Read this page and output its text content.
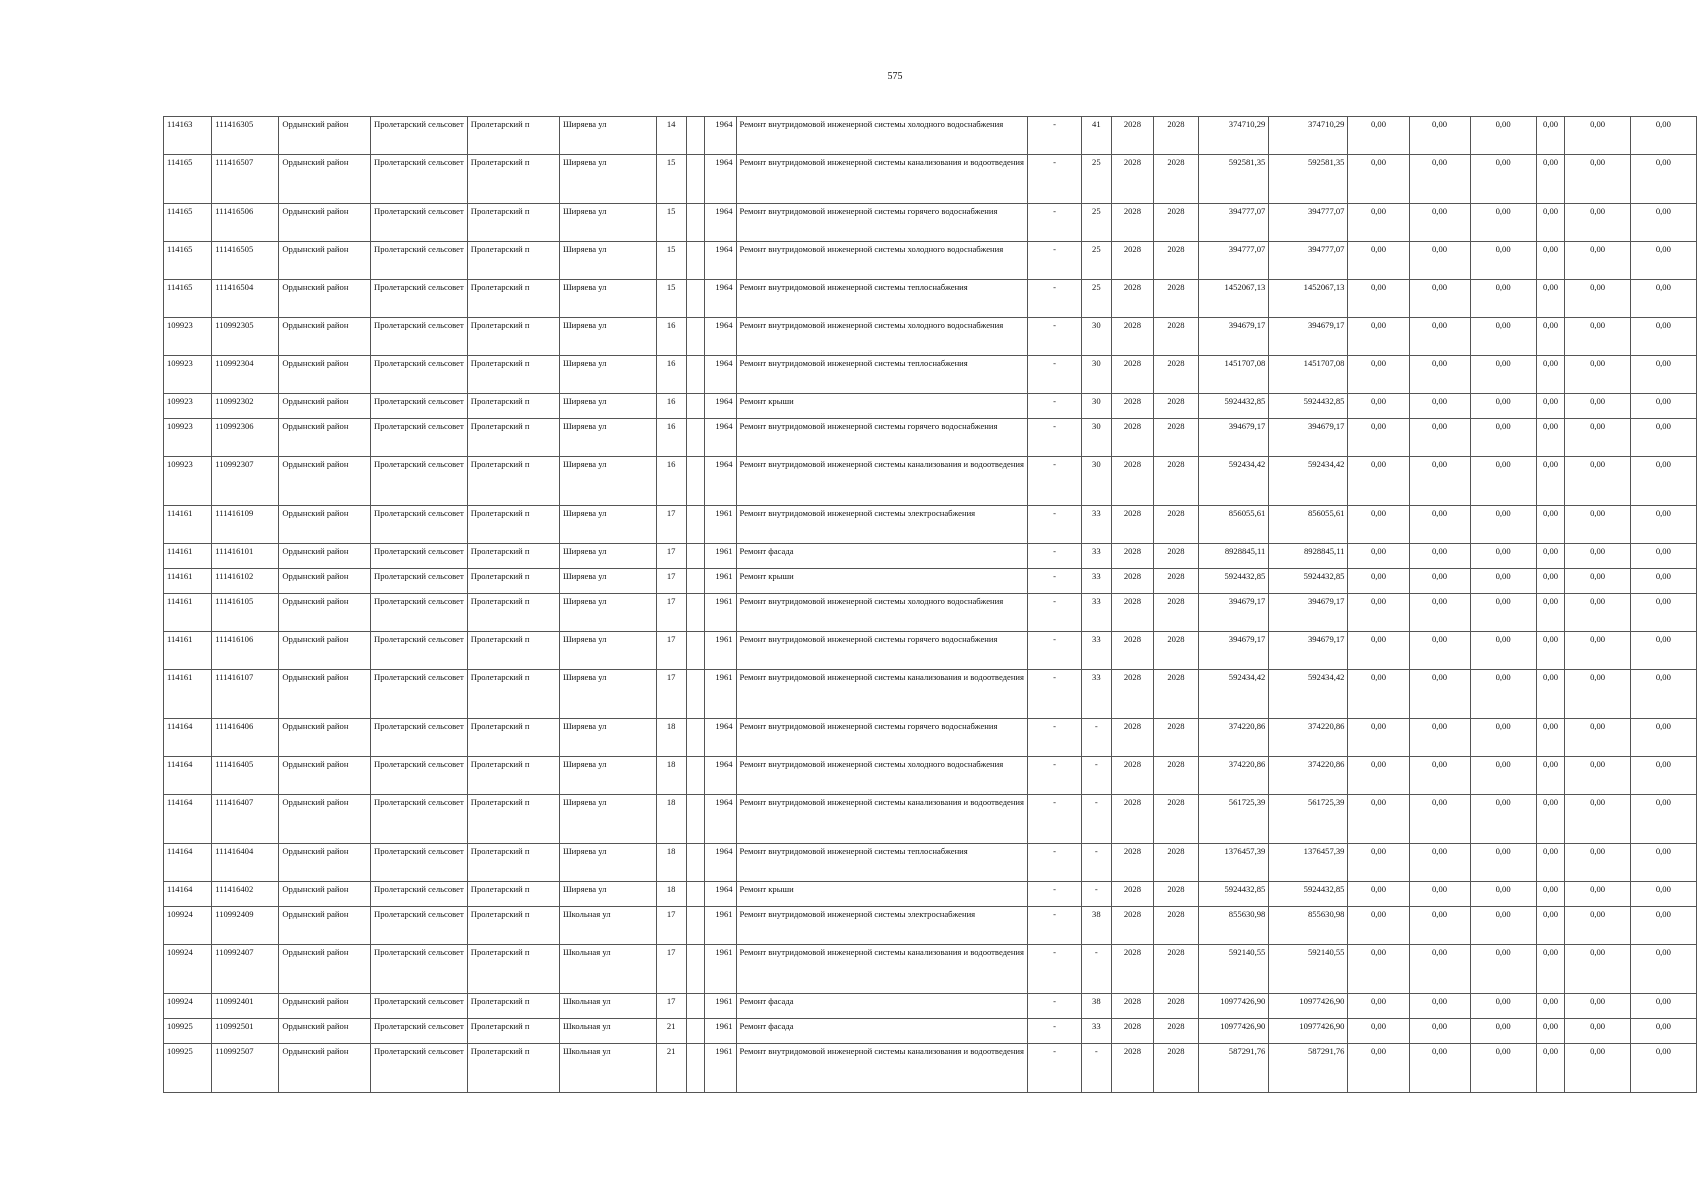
575
114163	111416305	Ордынский район	Пролетарский сельсовет	Пролетарский п	Ширяева ул	14		1964	Ремонт внутридомовой инженерной системы холодного водоснабжения	-	41	2028	2028	374710,29	374710,29	0,00	0,00	0,00	0,00	0,00	0,00
114165	111416507	Ордынский район	Пролетарский сельсовет	Пролетарский п	Ширяева ул	15		1964	Ремонт внутридомовой инженерной системы канализования и водоотведения	-	25	2028	2028	592581,35	592581,35	0,00	0,00	0,00	0,00	0,00	0,00
114165	111416506	Ордынский район	Пролетарский сельсовет	Пролетарский п	Ширяева ул	15		1964	Ремонт внутридомовой инженерной системы горячего водоснабжения	-	25	2028	2028	394777,07	394777,07	0,00	0,00	0,00	0,00	0,00	0,00
114165	111416505	Ордынский район	Пролетарский сельсовет	Пролетарский п	Ширяева ул	15		1964	Ремонт внутридомовой инженерной системы холодного водоснабжения	-	25	2028	2028	394777,07	394777,07	0,00	0,00	0,00	0,00	0,00	0,00
114165	111416504	Ордынский район	Пролетарский сельсовет	Пролетарский п	Ширяева ул	15		1964	Ремонт внутридомовой инженерной системы теплоснабжения	-	25	2028	2028	1452067,13	1452067,13	0,00	0,00	0,00	0,00	0,00	0,00
109923	110992305	Ордынский район	Пролетарский сельсовет	Пролетарский п	Ширяева ул	16		1964	Ремонт внутридомовой инженерной системы холодного водоснабжения	-	30	2028	2028	394679,17	394679,17	0,00	0,00	0,00	0,00	0,00	0,00
109923	110992304	Ордынский район	Пролетарский сельсовет	Пролетарский п	Ширяева ул	16		1964	Ремонт внутридомовой инженерной системы теплоснабжения	-	30	2028	2028	1451707,08	1451707,08	0,00	0,00	0,00	0,00	0,00	0,00
109923	110992302	Ордынский район	Пролетарский сельсовет	Пролетарский п	Ширяева ул	16		1964	Ремонт крыши	-	30	2028	2028	5924432,85	5924432,85	0,00	0,00	0,00	0,00	0,00	0,00
109923	110992306	Ордынский район	Пролетарский сельсовет	Пролетарский п	Ширяева ул	16		1964	Ремонт внутридомовой инженерной системы горячего водоснабжения	-	30	2028	2028	394679,17	394679,17	0,00	0,00	0,00	0,00	0,00	0,00
109923	110992307	Ордынский район	Пролетарский сельсовет	Пролетарский п	Ширяева ул	16		1964	Ремонт внутридомовой инженерной системы канализования и водоотведения	-	30	2028	2028	592434,42	592434,42	0,00	0,00	0,00	0,00	0,00	0,00
114161	111416109	Ордынский район	Пролетарский сельсовет	Пролетарский п	Ширяева ул	17		1961	Ремонт внутридомовой инженерной системы электроснабжения	-	33	2028	2028	856055,61	856055,61	0,00	0,00	0,00	0,00	0,00	0,00
114161	111416101	Ордынский район	Пролетарский сельсовет	Пролетарский п	Ширяева ул	17		1961	Ремонт фасада	-	33	2028	2028	8928845,11	8928845,11	0,00	0,00	0,00	0,00	0,00	0,00
114161	111416102	Ордынский район	Пролетарский сельсовет	Пролетарский п	Ширяева ул	17		1961	Ремонт крыши	-	33	2028	2028	5924432,85	5924432,85	0,00	0,00	0,00	0,00	0,00	0,00
114161	111416105	Ордынский район	Пролетарский сельсовет	Пролетарский п	Ширяева ул	17		1961	Ремонт внутридомовой инженерной системы холодного водоснабжения	-	33	2028	2028	394679,17	394679,17	0,00	0,00	0,00	0,00	0,00	0,00
114161	111416106	Ордынский район	Пролетарский сельсовет	Пролетарский п	Ширяева ул	17		1961	Ремонт внутридомовой инженерной системы горячего водоснабжения	-	33	2028	2028	394679,17	394679,17	0,00	0,00	0,00	0,00	0,00	0,00
114161	111416107	Ордынский район	Пролетарский сельсовет	Пролетарский п	Ширяева ул	17		1961	Ремонт внутридомовой инженерной системы канализования и водоотведения	-	33	2028	2028	592434,42	592434,42	0,00	0,00	0,00	0,00	0,00	0,00
114164	111416406	Ордынский район	Пролетарский сельсовет	Пролетарский п	Ширяева ул	18		1964	Ремонт внутридомовой инженерной системы горячего водоснабжения	-	-	2028	2028	374220,86	374220,86	0,00	0,00	0,00	0,00	0,00	0,00
114164	111416405	Ордынский район	Пролетарский сельсовет	Пролетарский п	Ширяева ул	18		1964	Ремонт внутридомовой инженерной системы холодного водоснабжения	-	-	2028	2028	374220,86	374220,86	0,00	0,00	0,00	0,00	0,00	0,00
114164	111416407	Ордынский район	Пролетарский сельсовет	Пролетарский п	Ширяева ул	18		1964	Ремонт внутридомовой инженерной системы канализования и водоотведения	-	-	2028	2028	561725,39	561725,39	0,00	0,00	0,00	0,00	0,00	0,00
114164	111416404	Ордынский район	Пролетарский сельсовет	Пролетарский п	Ширяева ул	18		1964	Ремонт внутридомовой инженерной системы теплоснабжения	-	-	2028	2028	1376457,39	1376457,39	0,00	0,00	0,00	0,00	0,00	0,00
114164	111416402	Ордынский район	Пролетарский сельсовет	Пролетарский п	Ширяева ул	18		1964	Ремонт крыши	-	-	2028	2028	5924432,85	5924432,85	0,00	0,00	0,00	0,00	0,00	0,00
109924	110992409	Ордынский район	Пролетарский сельсовет	Пролетарский п	Школьная ул	17		1961	Ремонт внутридомовой инженерной системы электроснабжения	-	38	2028	2028	855630,98	855630,98	0,00	0,00	0,00	0,00	0,00	0,00
109924	110992407	Ордынский район	Пролетарский сельсовет	Пролетарский п	Школьная ул	17		1961	Ремонт внутридомовой инженерной системы канализования и водоотведения	-	-	2028	2028	592140,55	592140,55	0,00	0,00	0,00	0,00	0,00	0,00
109924	110992401	Ордынский район	Пролетарский сельсовет	Пролетарский п	Школьная ул	17		1961	Ремонт фасада	-	38	2028	2028	10977426,90	10977426,90	0,00	0,00	0,00	0,00	0,00	0,00
109925	110992501	Ордынский район	Пролетарский сельсовет	Пролетарский п	Школьная ул	21		1961	Ремонт фасада	-	33	2028	2028	10977426,90	10977426,90	0,00	0,00	0,00	0,00	0,00	0,00
109925	110992507	Ордынский район	Пролетарский сельсовет	Пролетарский п	Школьная ул	21		1961	Ремонт внутридомовой инженерной системы канализования и водоотведения	-	-	2028	2028	587291,76	587291,76	0,00	0,00	0,00	0,00	0,00	0,00
